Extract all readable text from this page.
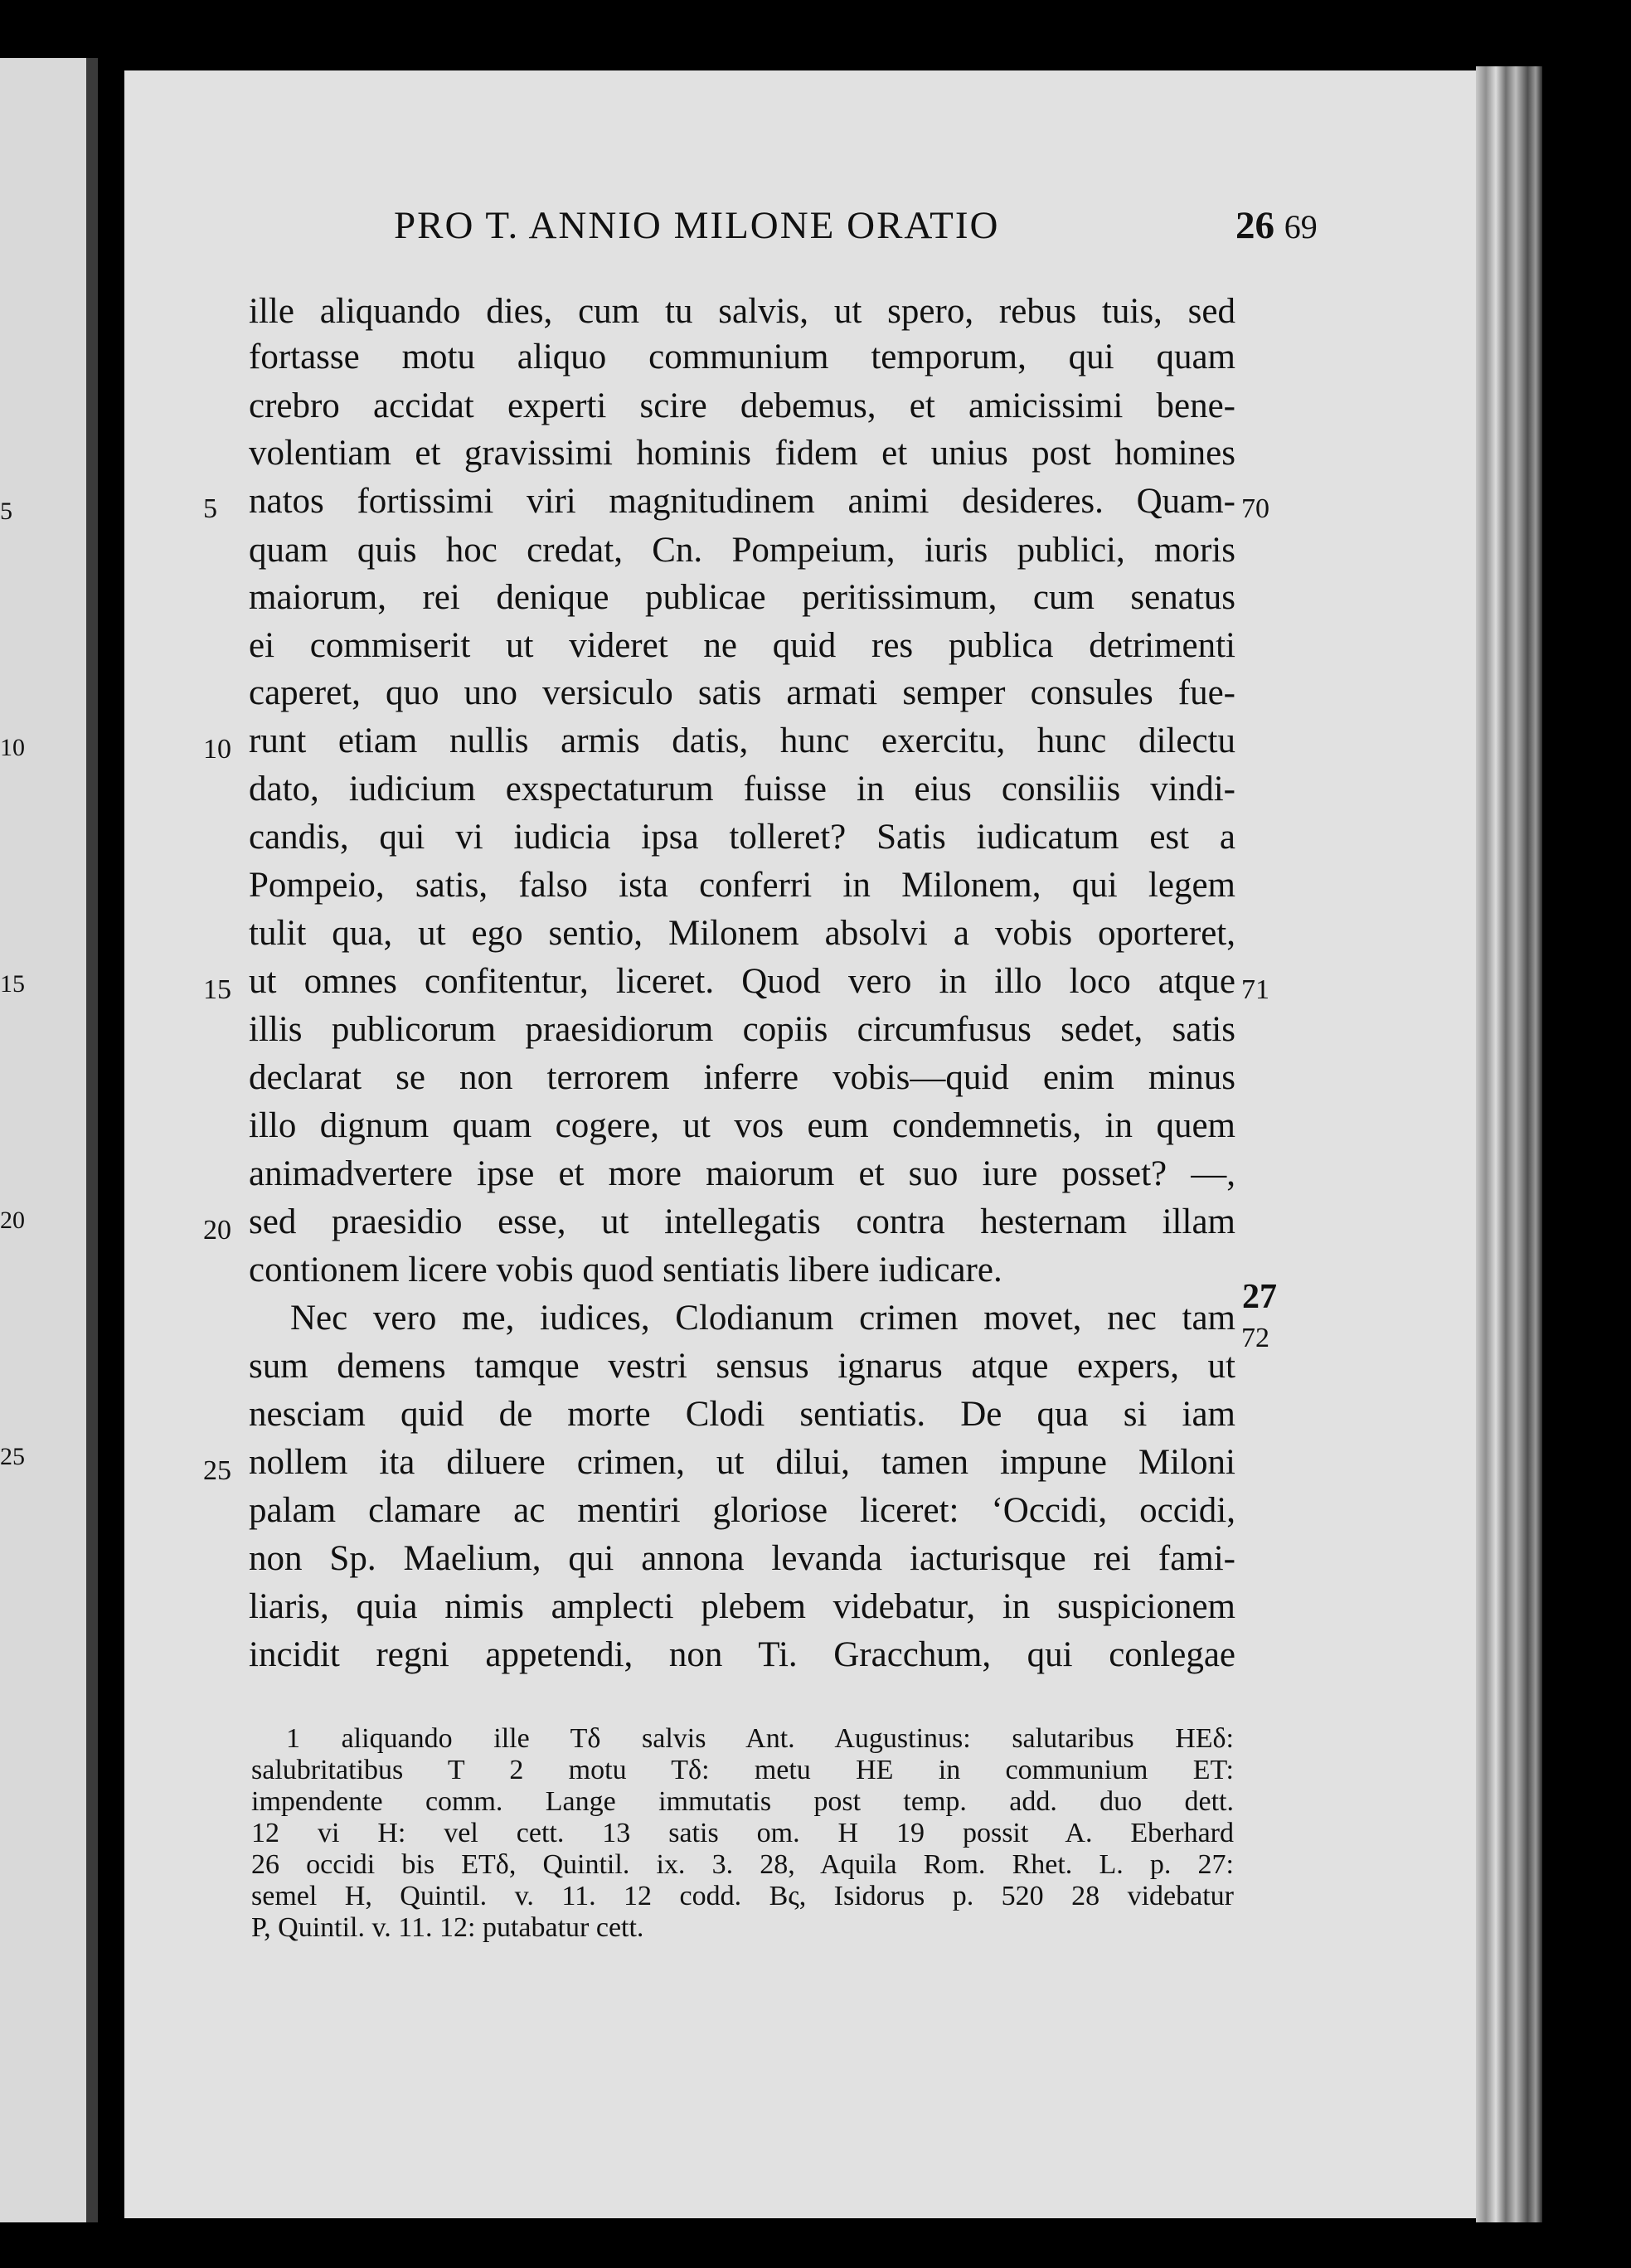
5
10
15
20
25
PRO T. ANNIO MILONE ORATIO	26 69
ille aliquando dies, cum tu salvis, ut spero, rebus tuis, sed
fortasse motu aliquo communium temporum, qui quam
crebro accidat experti scire debemus, et amicissimi bene-
volentiam et gravissimi hominis fidem et unius post homines
natos fortissimi viri magnitudinem animi desideres. Quam-
quam quis hoc credat, Cn. Pompeium, iuris publici, moris
maiorum, rei denique publicae peritissimum, cum senatus
ei commiserit ut videret ne quid res publica detrimenti
caperet, quo uno versiculo satis armati semper consules fue-
runt etiam nullis armis datis, hunc exercitu, hunc dilectu
dato, iudicium exspectaturum fuisse in eius consiliis vindi-
candis, qui vi iudicia ipsa tolleret? Satis iudicatum est a
Pompeio, satis, falso ista conferri in Milonem, qui legem
tulit qua, ut ego sentio, Milonem absolvi a vobis oporteret,
ut omnes confitentur, liceret. Quod vero in illo loco atque
illis publicorum praesidiorum copiis circumfusus sedet, satis
declarat se non terrorem inferre vobis—quid enim minus
illo dignum quam cogere, ut vos eum condemnetis, in quem
animadvertere ipse et more maiorum et suo iure posset? —,
sed praesidio esse, ut intellegatis contra hesternam illam
contionem licere vobis quod sentiatis libere iudicare.
Nec vero me, iudices, Clodianum crimen movet, nec tam
sum demens tamque vestri sensus ignarus atque expers, ut
nesciam quid de morte Clodi sentiatis. De qua si iam
nollem ita diluere crimen, ut dilui, tamen impune Miloni
palam clamare ac mentiri gloriose liceret: ‘Occidi, occidi,
non Sp. Maelium, qui annona levanda iacturisque rei fami-
liaris, quia nimis amplecti plebem videbatur, in suspicionem
incidit regni appetendi, non Ti. Gracchum, qui conlegae
5
10
15
20
25
70
71
27
72
1 aliquando ille Tδ salvis Ant. Augustinus: salutaribus HEδ:
salubritatibus T 2 motu Tδ: metu HE in communium ET:
impendente comm. Lange immutatis post temp. add. duo dett.
12 vi H: vel cett. 13 satis om. H 19 possit A. Eberhard
26 occidi bis ETδ, Quintil. ix. 3. 28, Aquila Rom. Rhet. L. p. 27:
semel H, Quintil. v. 11. 12 codd. Bς, Isidorus p. 520 28 videbatur
P, Quintil. v. 11. 12: putabatur cett.
